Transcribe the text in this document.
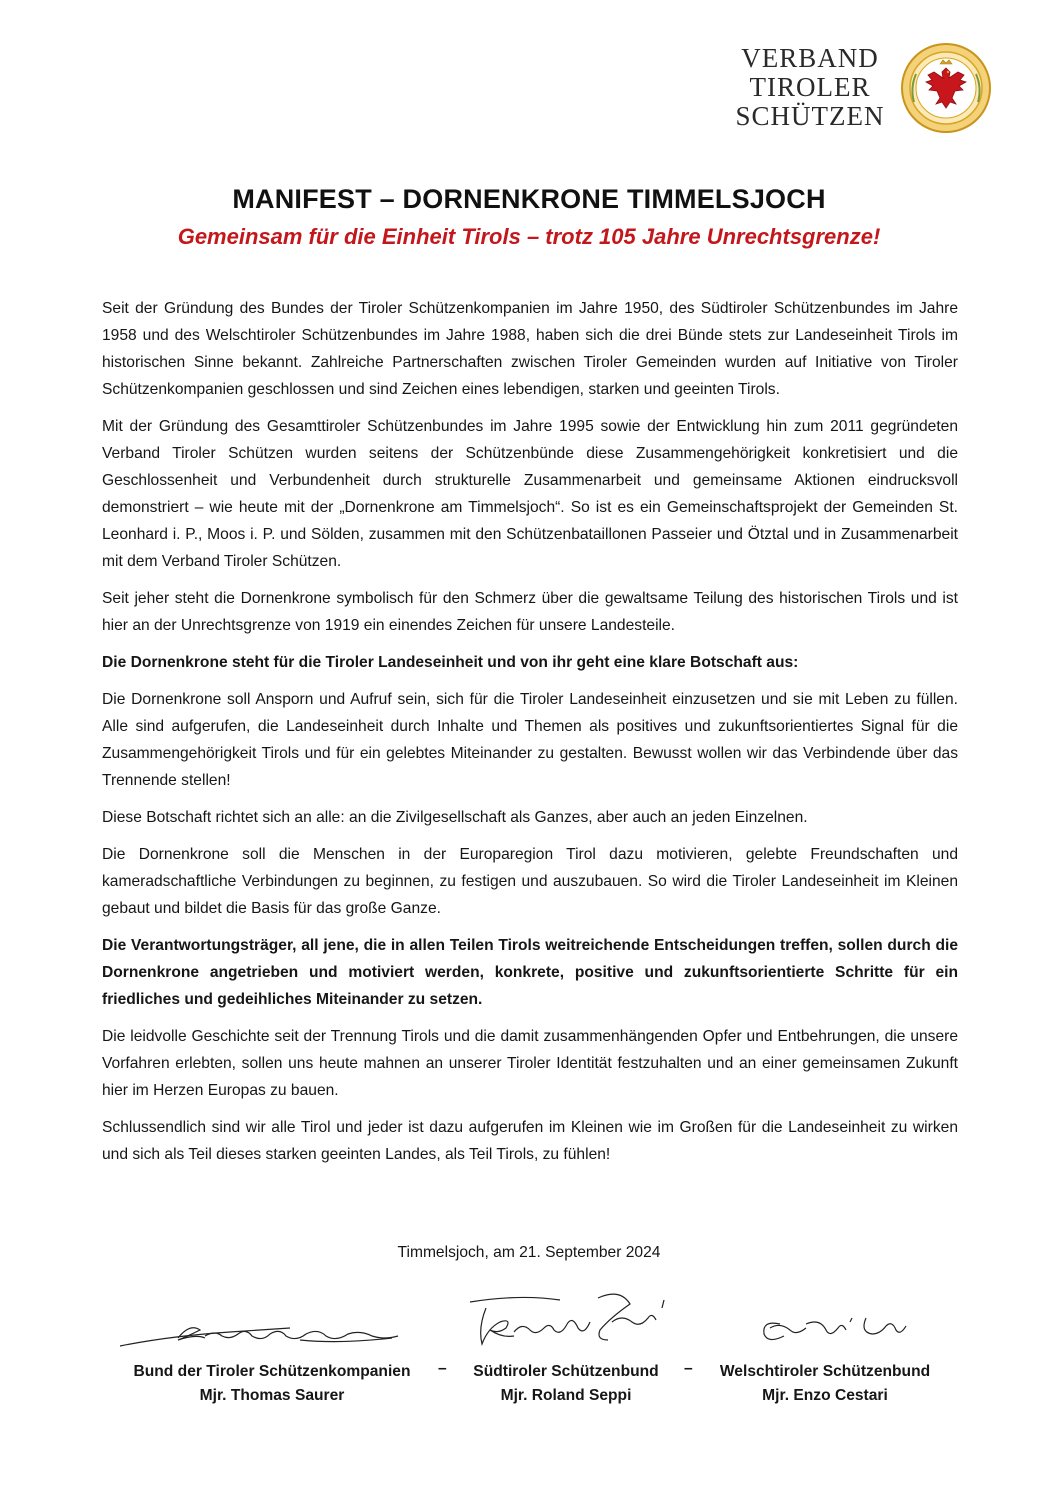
VERBAND
TIROLER
SCHÜTZEN
MANIFEST – DORNENKRONE TIMMELSJOCH
Gemeinsam für die Einheit Tirols – trotz 105 Jahre Unrechtsgrenze!

Seit der Gründung des Bundes der Tiroler Schützenkompanien im Jahre 1950, des Südtiroler Schützenbundes im Jahre 1958 und des Welschtiroler Schützenbundes im Jahre 1988, haben sich die drei Bünde stets zur Landeseinheit Tirols im historischen Sinne bekannt. Zahlreiche Partnerschaften zwischen Tiroler Gemeinden wurden auf Initiative von Tiroler Schützenkompanien geschlossen und sind Zeichen eines lebendigen, starken und geeinten Tirols.

Mit der Gründung des Gesamttiroler Schützenbundes im Jahre 1995 sowie der Entwicklung hin zum 2011 gegründeten Verband Tiroler Schützen wurden seitens der Schützenbünde diese Zusammengehörigkeit konkretisiert und die Geschlossenheit und Verbundenheit durch strukturelle Zusammenarbeit und gemeinsame Aktionen eindrucksvoll demonstriert – wie heute mit der „Dornenkrone am Timmelsjoch“. So ist es ein Gemeinschaftsprojekt der Gemeinden St. Leonhard i. P., Moos i. P. und Sölden, zusammen mit den Schützenbataillonen Passeier und Ötztal und in Zusammenarbeit mit dem Verband Tiroler Schützen.

Seit jeher steht die Dornenkrone symbolisch für den Schmerz über die gewaltsame Teilung des historischen Tirols und ist hier an der Unrechtsgrenze von 1919 ein einendes Zeichen für unsere Landesteile.

Die Dornenkrone steht für die Tiroler Landeseinheit und von ihr geht eine klare Botschaft aus:

Die Dornenkrone soll Ansporn und Aufruf sein, sich für die Tiroler Landeseinheit einzusetzen und sie mit Leben zu füllen. Alle sind aufgerufen, die Landeseinheit durch Inhalte und Themen als positives und zukunftsorientiertes Signal für die Zusammengehörigkeit Tirols und für ein gelebtes Miteinander zu gestalten. Bewusst wollen wir das Verbindende über das Trennende stellen!

Diese Botschaft richtet sich an alle: an die Zivilgesellschaft als Ganzes, aber auch an jeden Einzelnen.

Die Dornenkrone soll die Menschen in der Europaregion Tirol dazu motivieren, gelebte Freundschaften und kameradschaftliche Verbindungen zu beginnen, zu festigen und auszubauen. So wird die Tiroler Landeseinheit im Kleinen gebaut und bildet die Basis für das große Ganze.

Die Verantwortungsträger, all jene, die in allen Teilen Tirols weitreichende Entscheidungen treffen, sollen durch die Dornenkrone angetrieben und motiviert werden, konkrete, positive und zukunftsorientierte Schritte für ein friedliches und gedeihliches Miteinander zu setzen.

Die leidvolle Geschichte seit der Trennung Tirols und die damit zusammenhängenden Opfer und Entbehrungen, die unsere Vorfahren erlebten, sollen uns heute mahnen an unserer Tiroler Identität festzuhalten und an einer gemeinsamen Zukunft hier im Herzen Europas zu bauen.

Schlussendlich sind wir alle Tirol und jeder ist dazu aufgerufen im Kleinen wie im Großen für die Landeseinheit zu wirken und sich als Teil dieses starken geeinten Landes, als Teil Tirols, zu fühlen!

Timmelsjoch, am 21. September 2024
Bund der Tiroler Schützenkompanien
Mjr. Thomas Saurer
–	Südtiroler Schützenbund
Mjr. Roland Seppi
–	Welschtiroler Schützenbund
Mjr. Enzo Cestari
